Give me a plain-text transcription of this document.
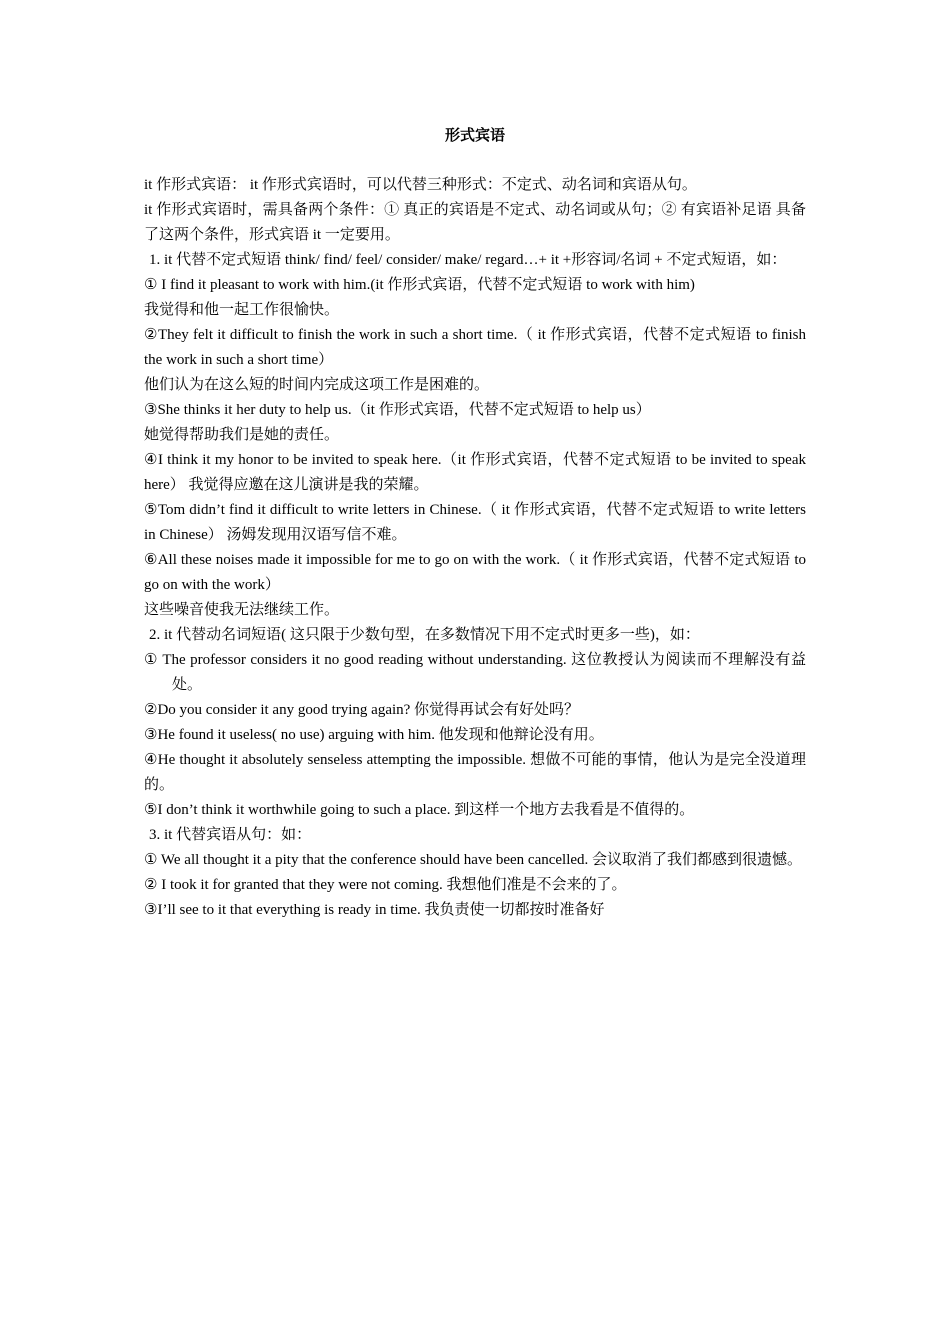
形式宾语

it 作形式宾语： it 作形式宾语时，可以代替三种形式：不定式、动名词和宾语从句。

it 作形式宾语时，需具备两个条件：① 真正的宾语是不定式、动名词或从句；② 有宾语补足语 具备了这两个条件，形式宾语 it 一定要用。

1. it 代替不定式短语 think/ find/ feel/ consider/ make/ regard…+ it +形容词/名词 + 不定式短语，如：

① I find it pleasant to work with him.(it 作形式宾语，代替不定式短语 to work with him)

我觉得和他一起工作很愉快。

②They felt it difficult to finish the work in such a short time.（ it 作形式宾语，代替不定式短语 to finish the work in such a short time）

他们认为在这么短的时间内完成这项工作是困难的。

③She thinks it her duty to help us.（it 作形式宾语，代替不定式短语 to help us）

她觉得帮助我们是她的责任。

④I think it my honor to be invited to speak here.（it 作形式宾语，代替不定式短语 to be invited to speak here） 我觉得应邀在这儿演讲是我的荣耀。

⑤Tom didn’t find it difficult to write letters in Chinese.（ it 作形式宾语，代替不定式短语 to write letters in Chinese） 汤姆发现用汉语写信不难。

⑥All these noises made it impossible for me to go on with the work.（ it 作形式宾语，代替不定式短语 to go on with the work）

这些噪音使我无法继续工作。

2. it 代替动名词短语( 这只限于少数句型，在多数情况下用不定式时更多一些)，如：

① The professor considers it no good reading without understanding. 这位教授认为阅读而不理解没有益处。

②Do you consider it any good trying again? 你觉得再试会有好处吗？

③He found it useless( no use) arguing with him. 他发现和他辩论没有用。

④He thought it absolutely senseless attempting the impossible. 想做不可能的事情，他认为是完全没道理的。

⑤I don’t think it worthwhile going to such a place. 到这样一个地方去我看是不值得的。

3. it 代替宾语从句：如：

① We all thought it a pity that the conference should have been cancelled. 会议取消了我们都感到很遗憾。

② I took it for granted that they were not coming. 我想他们准是不会来的了。

③I’ll see to it that everything is ready in time. 我负责使一切都按时准备好
